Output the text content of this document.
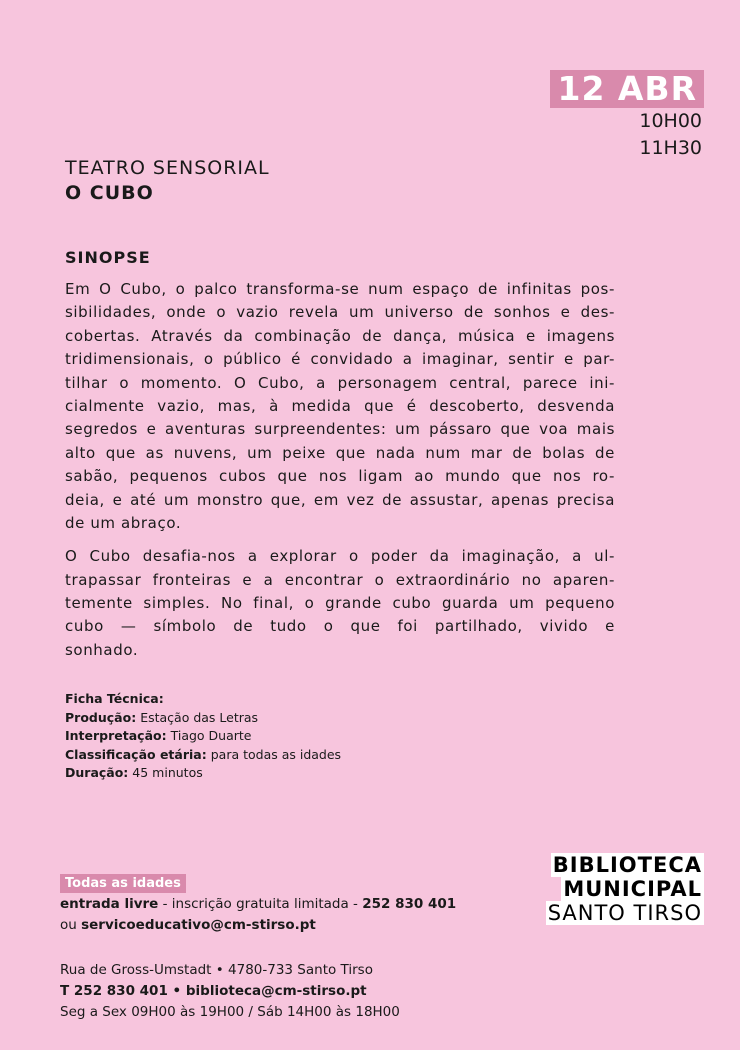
12 ABR
10H00
11H30
TEATRO SENSORIAL
O CUBO
SINOPSE
Em O Cubo, o palco transforma-se num espaço de infinitas pos-
sibilidades, onde o vazio revela um universo de sonhos e des-
cobertas. Através da combinação de dança, música e imagens
tridimensionais, o público é convidado a imaginar, sentir e par-
tilhar o momento. O Cubo, a personagem central, parece ini-
cialmente vazio, mas, à medida que é descoberto, desvenda
segredos e aventuras surpreendentes: um pássaro que voa mais
alto que as nuvens, um peixe que nada num mar de bolas de
sabão, pequenos cubos que nos ligam ao mundo que nos ro-
deia, e até um monstro que, em vez de assustar, apenas precisa
de um abraço.
O Cubo desafia-nos a explorar o poder da imaginação, a ul-
trapassar fronteiras e a encontrar o extraordinário no aparen-
temente simples. No final, o grande cubo guarda um pequeno
cubo — símbolo de tudo o que foi partilhado, vivido e
sonhado.
Ficha Técnica:
Produção: Estação das Letras
Interpretação: Tiago Duarte
Classificação etária: para todas as idades
Duração: 45 minutos
Todas as idades
entrada livre - inscrição gratuita limitada - 252 830 401
ou servicoeducativo@cm-stirso.pt
Rua de Gross-Umstadt • 4780-733 Santo Tirso
T 252 830 401 • biblioteca@cm-stirso.pt
Seg a Sex 09H00 às 19H00 / Sáb 14H00 às 18H00
BIBLIOTECA
MUNICIPAL
SANTO TIRSO
